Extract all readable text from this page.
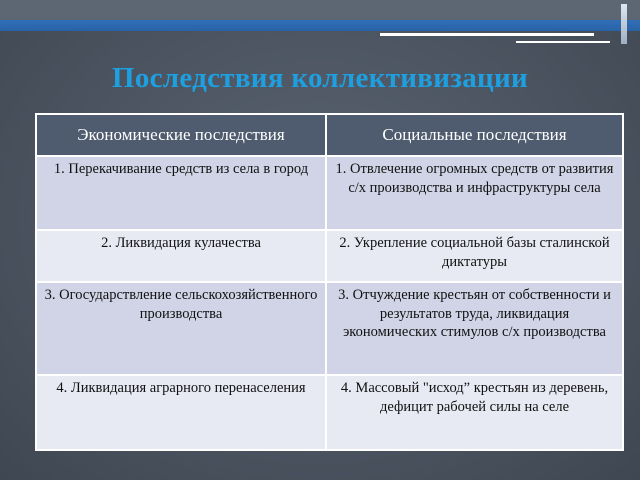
Последствия коллективизации
Экономические последствия	Социальные последствия
1. Перекачивание средств из села в город	1. Отвлечение огромных средств от развития с/х производства и инфраструктуры села
2. Ликвидация кулачества	2. Укрепление социальной базы сталинской диктатуры
3. Огосударствление сельскохозяйственного производства	3. Отчуждение крестьян от собственности и результатов труда, ликвидация экономических стимулов с/х производства
4. Ликвидация аграрного перенаселения	4. Массовый "исход” крестьян из деревень, дефицит рабочей силы на селе
